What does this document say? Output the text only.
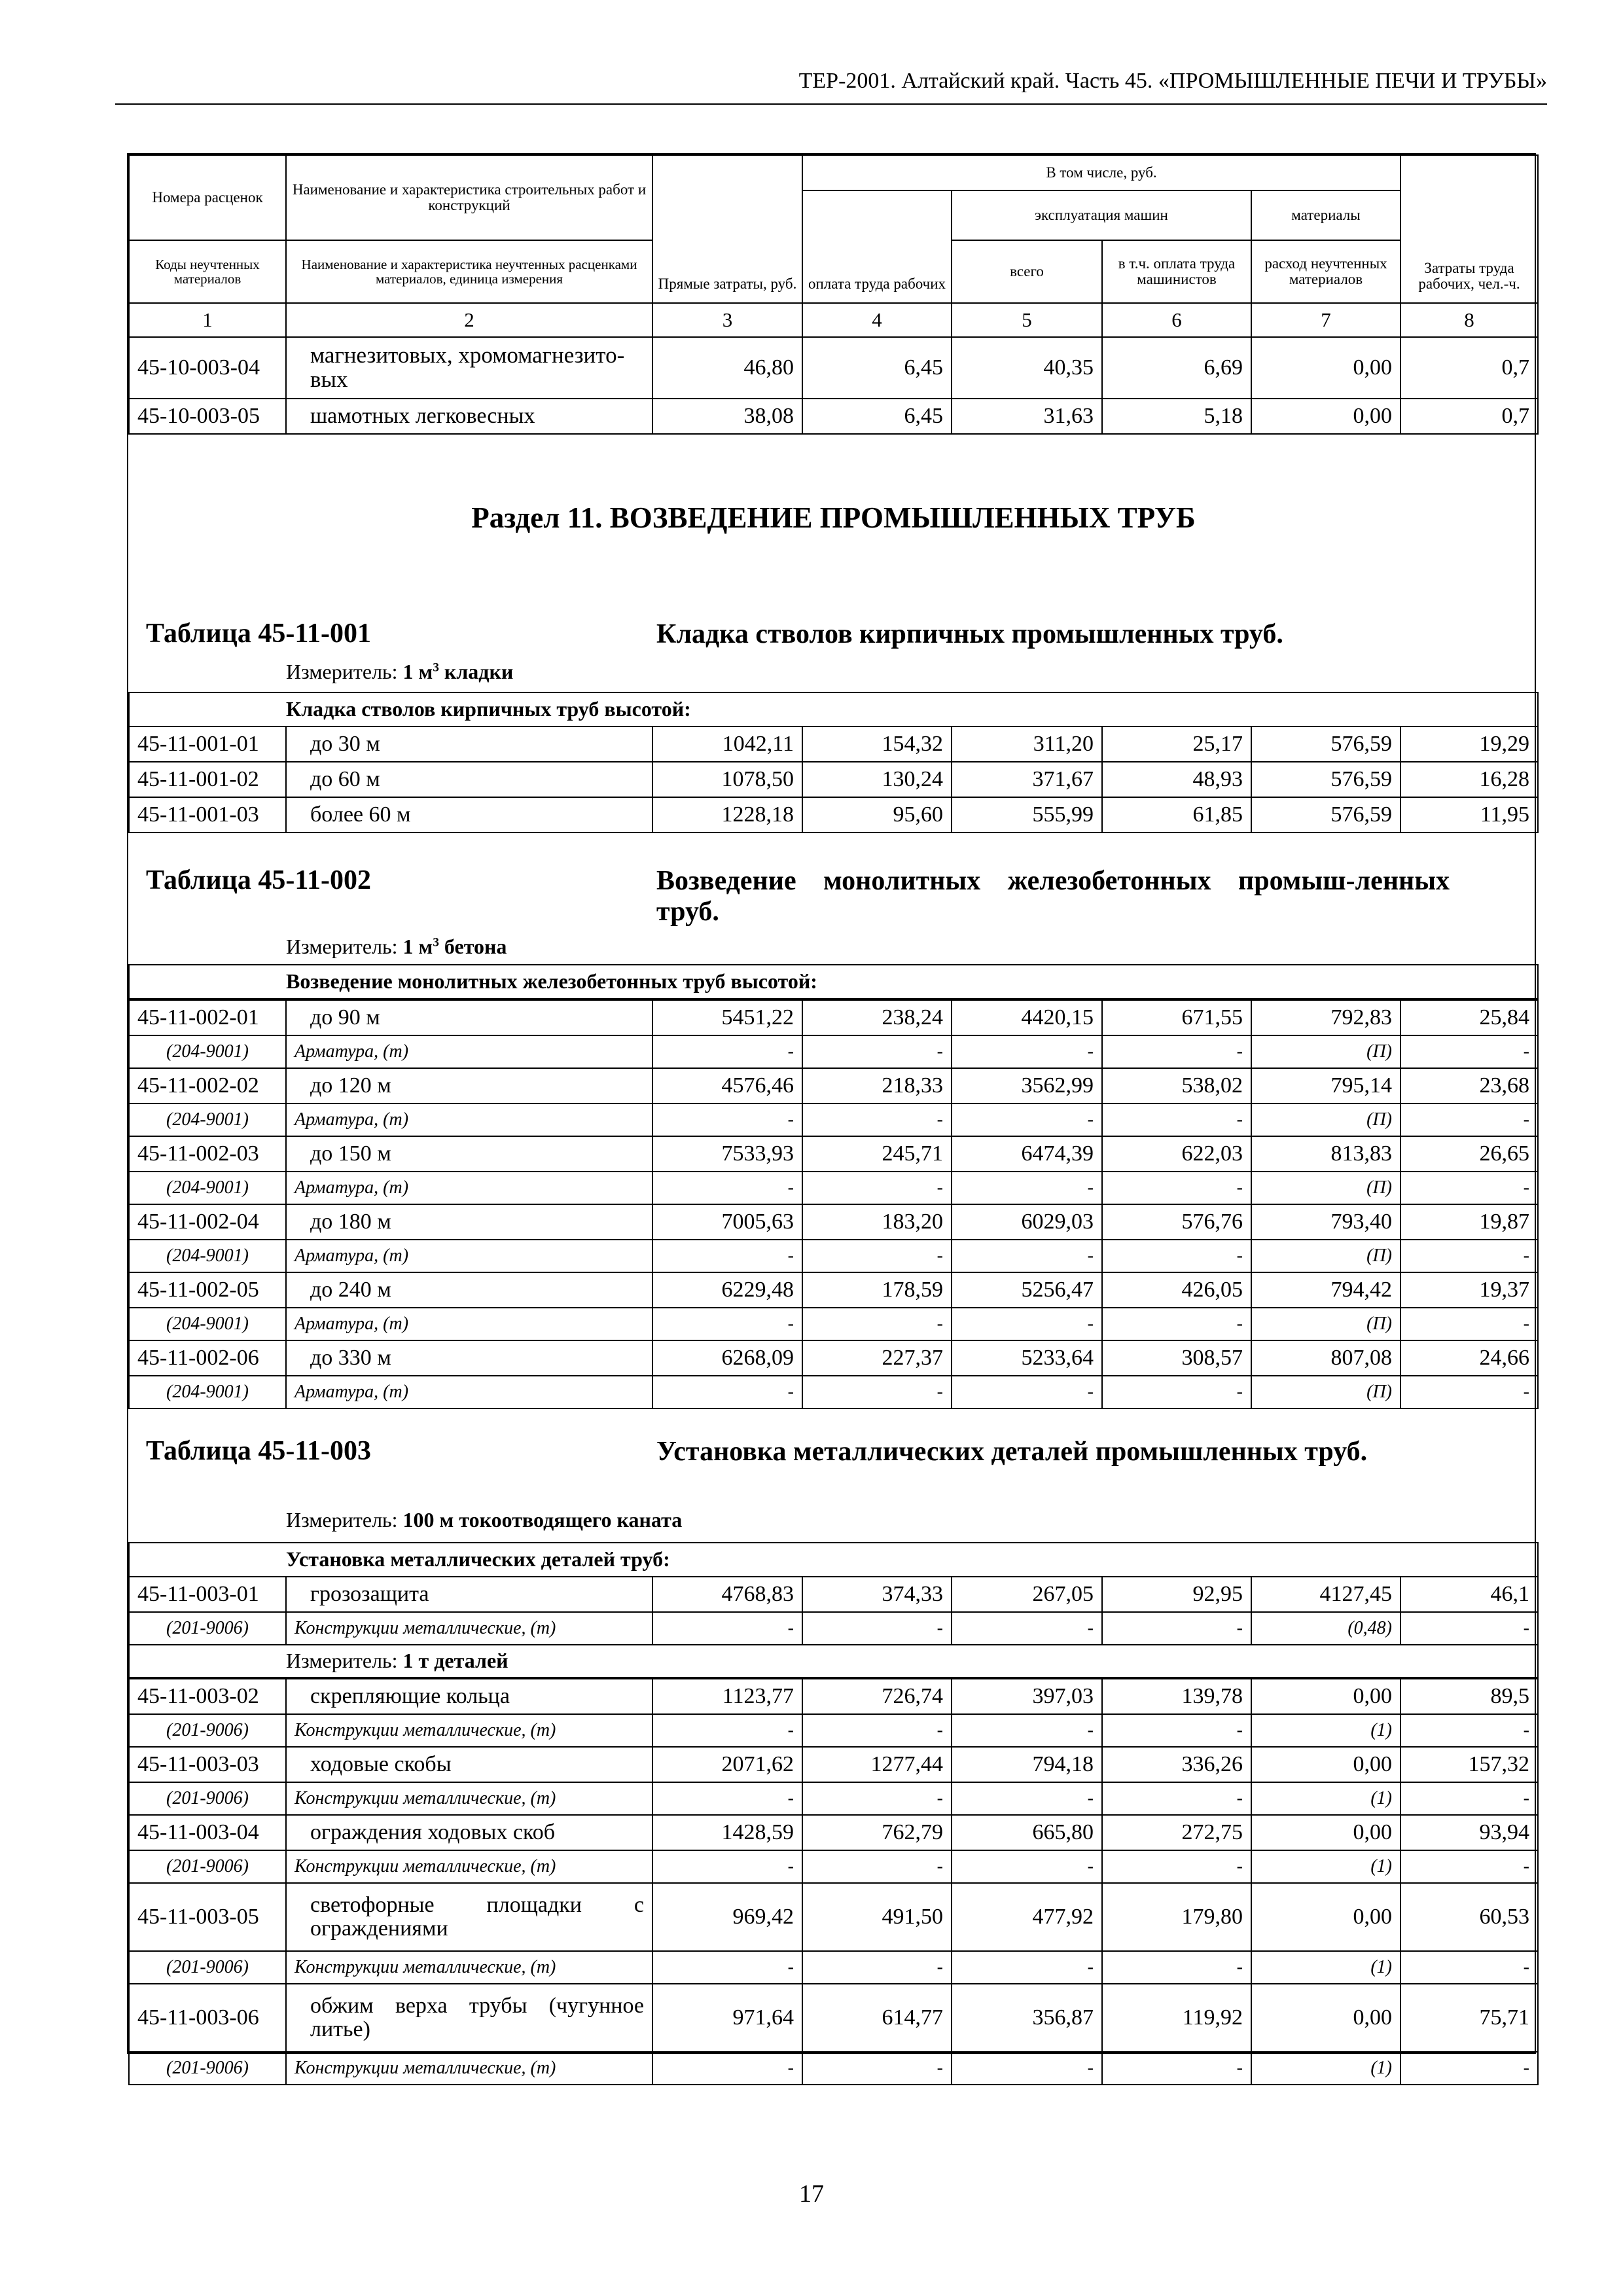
ТЕР-2001. Алтайский край. Часть 45. «ПРОМЫШЛЕННЫЕ ПЕЧИ И ТРУБЫ»
Номера расценок	Наименование и характеристика строительных работ и конструкций	Прямые затраты, руб.	В том числе, руб.				Затраты труда рабочих, чел.-ч.
			оплата труда рабочих	эксплуатация машин		материалы	
Коды неучтенных материалов	Наименование и характеристика неучтенных расценками материалов, единица измерения			всего	в т.ч. оплата труда машинистов	расход неучтенных материалов	

1	2	3	4	5	6	7	8
45-10-003-04	магнезитовых, хромомагнезито-вых	46,80	6,45	40,35	6,69	0,00	0,7
45-10-003-05	шамотных легковесных	38,08	6,45	31,63	5,18	0,00	0,7

Раздел 11. ВОЗВЕДЕНИЕ ПРОМЫШЛЕННЫХ ТРУБ
Таблица 45-11-001 Кладка стволов кирпичных промышленных труб.
Измеритель: 1 $м^3$ кладки							

	Кладка стволов кирпичных труб высотой:						
45-11-001-01	до 30 м	1042,11	154,32	311,20	25,17	576,59	19,29
45-11-001-02	до 60 м	1078,50	130,24	371,67	48,93	576,59	16,28
45-11-001-03	более 60 м	1228,18	95,60	555,99	61,85	576,59	11,95

Таблица 45-11-002 Возведение монолитных железобетонных промыш-ленных труб.
Измеритель: 1 $м^3$ бетона							

	Возведение монолитных железобетонных труб высотой:						
45-11-002-01	до 90 м	5451,22	238,24	4420,15	671,55	792,83	25,84
(204-9001)	Арматура, (т)	-	-	-	-	(П)	-
45-11-002-02	до 120 м	4576,46	218,33	3562,99	538,02	795,14	23,68
(204-9001)	Арматура, (т)	-	-	-	-	(П)	-
45-11-002-03	до 150 м	7533,93	245,71	6474,39	622,03	813,83	26,65
(204-9001)	Арматура, (т)	-	-	-	-	(П)	-
45-11-002-04	до 180 м	7005,63	183,20	6029,03	576,76	793,40	19,87
(204-9001)	Арматура, (т)	-	-	-	-	(П)	-
45-11-002-05	до 240 м	6229,48	178,59	5256,47	426,05	794,42	19,37
(204-9001)	Арматура, (т)	-	-	-	-	(П)	-
45-11-002-06	до 330 м	6268,09	227,37	5233,64	308,57	807,08	24,66
(204-9001)	Арматура, (т)	-	-	-	-	(П)	-
Таблица 45-11-003 Установка металлических деталей промышленных труб.
Измеритель: 100 м токоотводящего каната							

	Установка металлических деталей труб:						
45-11-003-01	грозозащита	4768,83	374,33	267,05	92,95	4127,45	46,1
(201-9006)	Конструкции металлические, (т)	-	-	-	-	(0,48)	-
	Измеритель: 1 т деталей						
45-11-003-02	скрепляющие кольца	1123,77	726,74	397,03	139,78	0,00	89,5
(201-9006)	Конструкции металлические, (т)	-	-	-	-	(1)	-
45-11-003-03	ходовые скобы	2071,62	1277,44	794,18	336,26	0,00	157,32
(201-9006)	Конструкции металлические, (т)	-	-	-	-	(1)	-
45-11-003-04	ограждения ходовых скоб	1428,59	762,79	665,80	272,75	0,00	93,94
(201-9006)	Конструкции металлические, (т)	-	-	-	-	(1)	-
45-11-003-05	светофорные площадки с ограждениями	969,42	491,50	477,92	179,80	0,00	60,53
(201-9006)	Конструкции металлические, (т)	-	-	-	-	(1)	-
45-11-003-06	обжим верха трубы (чугунное литье)	971,64	614,77	356,87	119,92	0,00	75,71
(201-9006)	Конструкции металлические, (т)	-	-	-	-	(1)	-
17
